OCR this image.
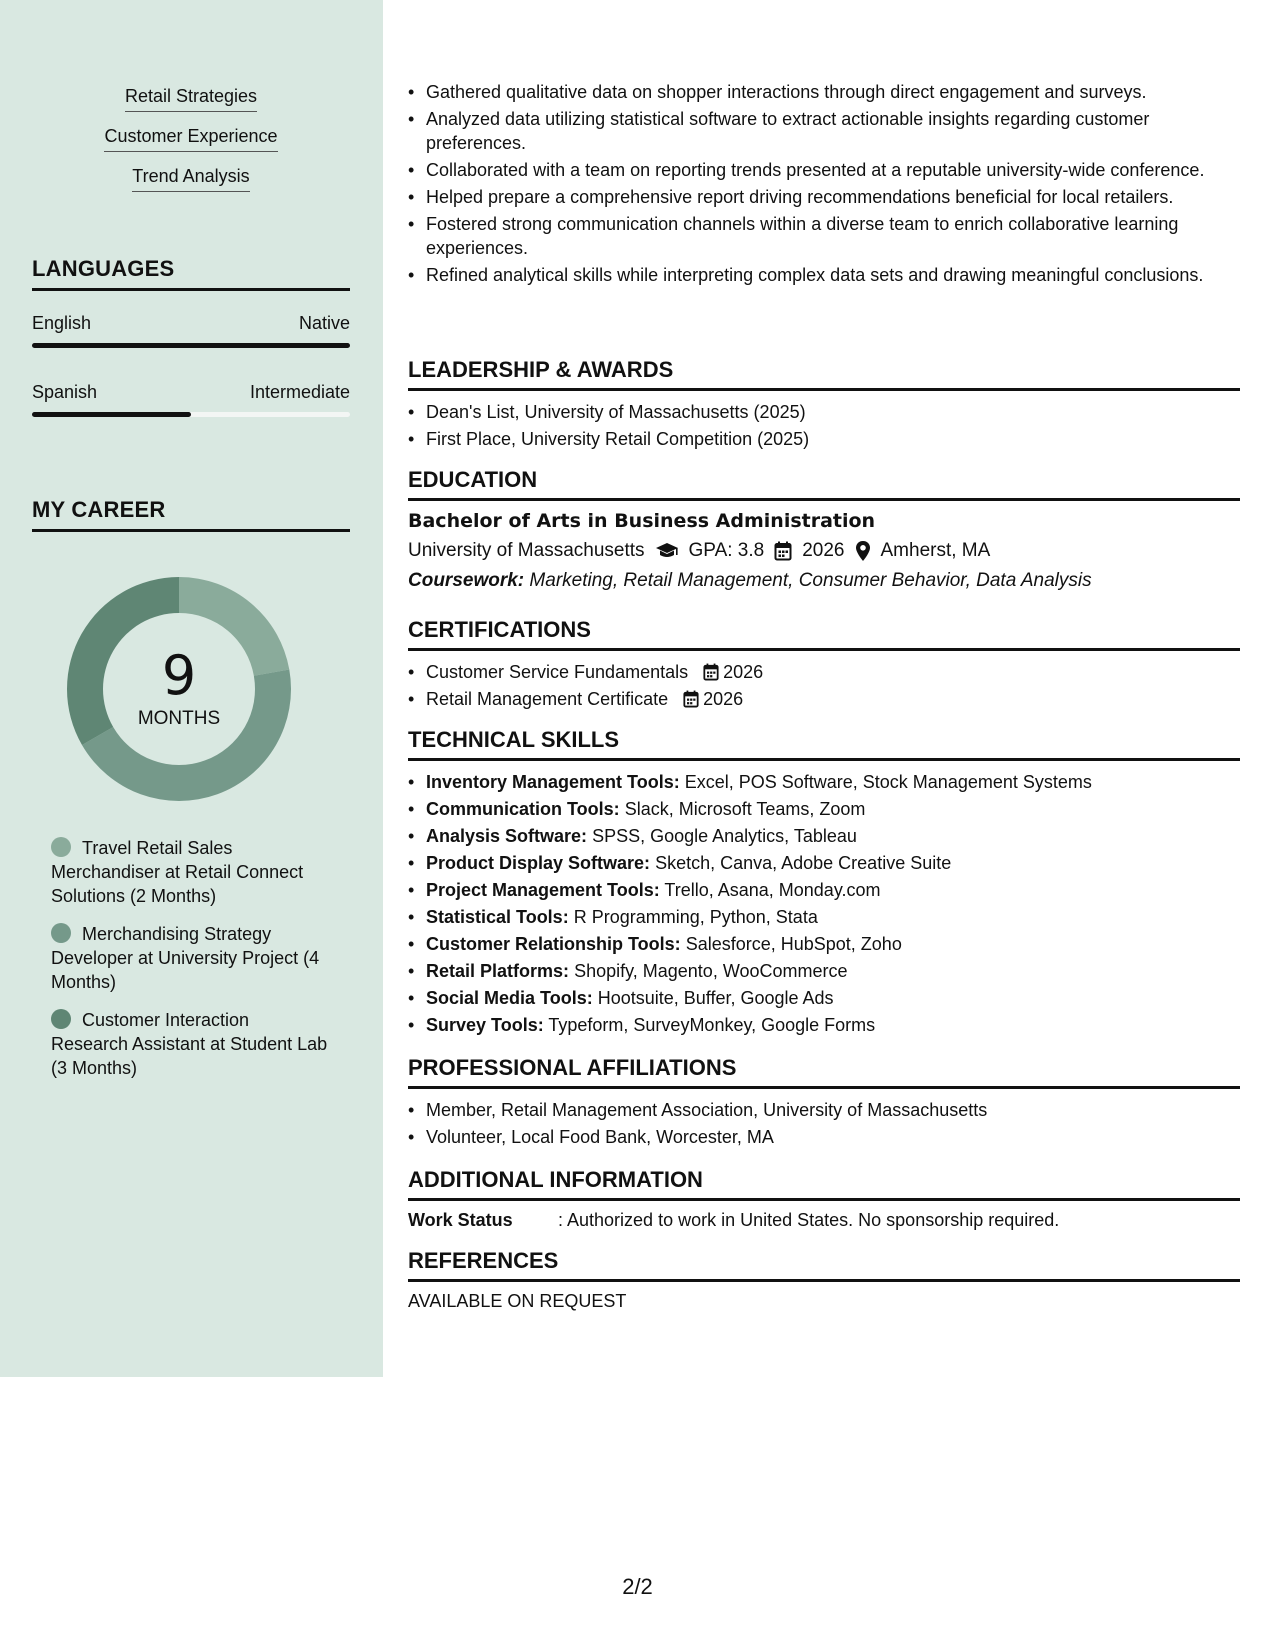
Retail Strategies
Customer Experience
Trend Analysis
LANGUAGES
English	Native
Spanish	Intermediate
MY CAREER
9
MONTHS
Travel Retail Sales Merchandiser at Retail Connect Solutions (2 Months)
Merchandising Strategy Developer at University Project (4 Months)
Customer Interaction Research Assistant at Student Lab (3 Months)
• Gathered qualitative data on shopper interactions through direct engagement and surveys.
• Analyzed data utilizing statistical software to extract actionable insights regarding customer preferences.
• Collaborated with a team on reporting trends presented at a reputable university-wide conference.
• Helped prepare a comprehensive report driving recommendations beneficial for local retailers.
• Fostered strong communication channels within a diverse team to enrich collaborative learning experiences.
• Refined analytical skills while interpreting complex data sets and drawing meaningful conclusions.
LEADERSHIP & AWARDS
• Dean's List, University of Massachusetts (2025)
• First Place, University Retail Competition (2025)
EDUCATION
Bachelor of Arts in Business Administration
University of Massachusetts GPA: 3.8 2026 Amherst, MA
Coursework: Marketing, Retail Management, Consumer Behavior, Data Analysis
CERTIFICATIONS
• Customer Service Fundamentals 2026
• Retail Management Certificate 2026
TECHNICAL SKILLS
• Inventory Management Tools: Excel, POS Software, Stock Management Systems
• Communication Tools: Slack, Microsoft Teams, Zoom
• Analysis Software: SPSS, Google Analytics, Tableau
• Product Display Software: Sketch, Canva, Adobe Creative Suite
• Project Management Tools: Trello, Asana, Monday.com
• Statistical Tools: R Programming, Python, Stata
• Customer Relationship Tools: Salesforce, HubSpot, Zoho
• Retail Platforms: Shopify, Magento, WooCommerce
• Social Media Tools: Hootsuite, Buffer, Google Ads
• Survey Tools: Typeform, SurveyMonkey, Google Forms
PROFESSIONAL AFFILIATIONS
• Member, Retail Management Association, University of Massachusetts
• Volunteer, Local Food Bank, Worcester, MA
ADDITIONAL INFORMATION
Work Status	: Authorized to work in United States. No sponsorship required.
REFERENCES
AVAILABLE ON REQUEST
2/2
